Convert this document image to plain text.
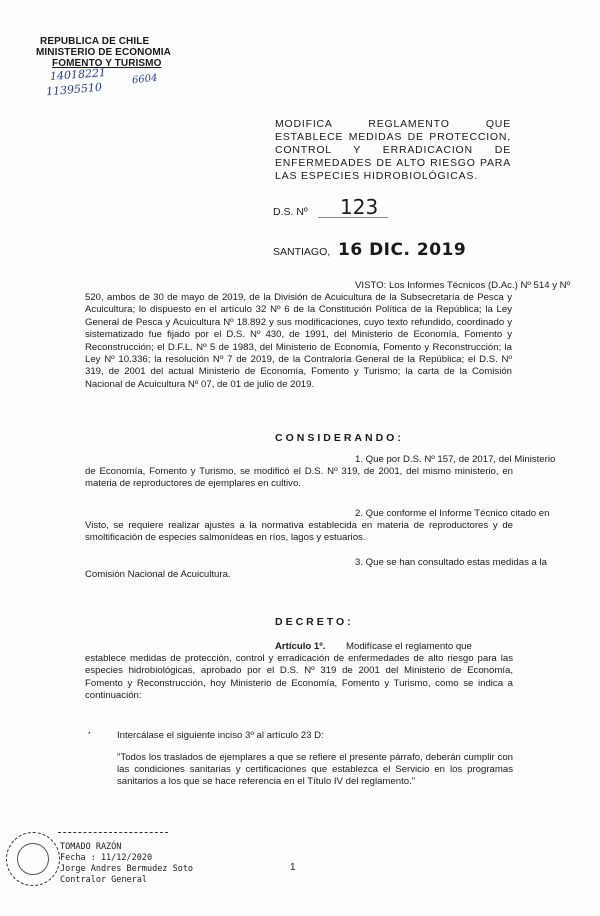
REPUBLICA DE CHILE
MINISTERIO DE ECONOMIA
FOMENTO Y TURISMO
14018221
11395510
6604
MODIFICA REGLAMENTO QUE ESTABLECE MEDIDAS DE PROTECCION, CONTROL Y ERRADICACION DE ENFERMEDADES DE ALTO RIESGO PARA LAS ESPECIES HIDROBIOLÓGICAS.
D.S. Nº 123
SANTIAGO, 16 DIC. 2019
VISTO: Los Informes Técnicos (D.Ac.) Nº 514 y Nº
520, ambos de 30 de mayo de 2019, de la División de Acuicultura de la Subsecretaría de Pesca y Acuicultura; lo dispuesto en el artículo 32 Nº 6 de la Constitución Política de la República; la Ley General de Pesca y Acuicultura Nº 18.892 y sus modificaciones, cuyo texto refundido, coordinado y sistematizado fue fijado por el D.S. Nº 430, de 1991, del Ministerio de Economía, Fomento y Reconstrucción; el D.F.L. Nº 5 de 1983, del Ministerio de Economía, Fomento y Reconstrucción; la Ley Nº 10.336; la resolución Nº 7 de 2019, de la Contraloría General de la República; el D.S. Nº 319, de 2001 del actual Ministerio de Economía, Fomento y Turismo; la carta de la Comisión Nacional de Acuicultura Nº 07, de 01 de julio de 2019.
CONSIDERANDO:
1. Que por D.S. Nº 157, de 2017, del Ministerio
de Economía, Fomento y Turismo, se modificó el D.S. Nº 319, de 2001, del mismo ministerio, en materia de reproductores de ejemplares en cultivo.
2. Que conforme el Informe Técnico citado en
Visto, se requiere realizar ajustes a la normativa establecida en materia de reproductores y de smoltificación de especies salmonídeas en ríos, lagos y estuarios.
3. Que se han consultado estas medidas a la
Comisión Nacional de Acuicultura.
DECRETO:
Artículo 1º. Modifícase el reglamento que
establece medidas de protección, control y erradicación de enfermedades de alto riesgo para las especies hidrobiológicas, aprobado por el D.S. Nº 319 de 2001 del Ministerio de Economía, Fomento y Reconstrucción, hoy Ministerio de Economía, Fomento y Turismo, como se indica a continuación:
·	Intercálase el siguiente inciso 3º al artículo 23 D:
"Todos los traslados de ejemplares a que se refiere el presente párrafo, deberán cumplir con las condiciones sanitarias y certificaciones que establezca el Servicio en los programas sanitarios a los que se hace referencia en el Título IV del reglamento."
TOMADO RAZÓN
Fecha : 11/12/2020
Jorge Andres Bermudez Soto
Contralor General
1
